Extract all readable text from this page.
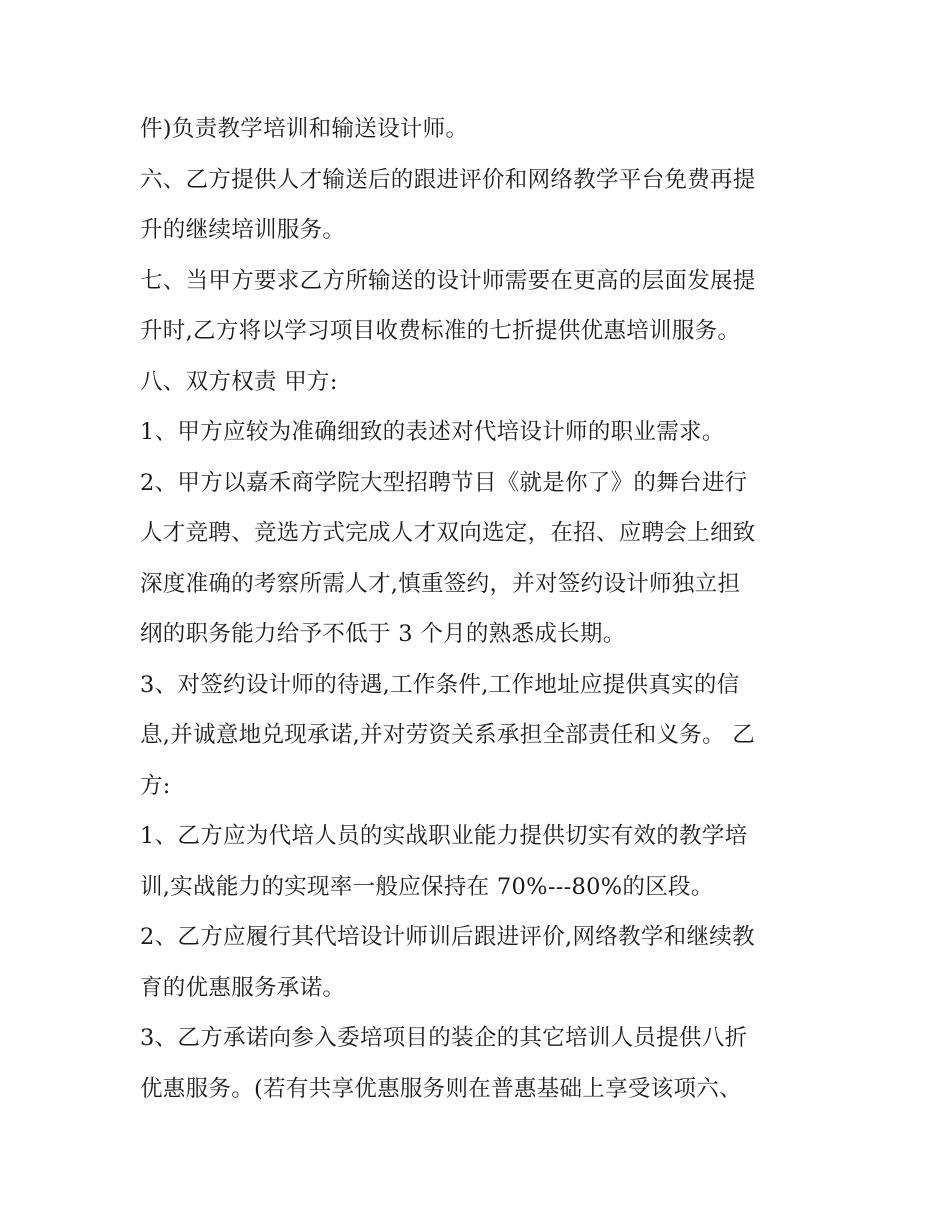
件)负责教学培训和输送设计师。
六、乙方提供人才输送后的跟进评价和网络教学平台免费再提
升的继续培训服务。
七、当甲方要求乙方所输送的设计师需要在更高的层面发展提
升时,乙方将以学习项目收费标准的七折提供优惠培训服务。
八、双方权责 甲方:
1、甲方应较为准确细致的表述对代培设计师的职业需求。
2、甲方以嘉禾商学院大型招聘节目《就是你了》的舞台进行
人才竞聘、竞选方式完成人才双向选定，在招、应聘会上细致
深度准确的考察所需人才,慎重签约，并对签约设计师独立担
纲的职务能力给予不低于 3 个月的熟悉成长期。
3、对签约设计师的待遇,工作条件,工作地址应提供真实的信
息,并诚意地兑现承诺,并对劳资关系承担全部责任和义务。 乙
方:
1、乙方应为代培人员的实战职业能力提供切实有效的教学培
训,实战能力的实现率一般应保持在 70%---80%的区段。
2、乙方应履行其代培设计师训后跟进评价,网络教学和继续教
育的优惠服务承诺。
3、乙方承诺向参入委培项目的装企的其它培训人员提供八折
优惠服务。(若有共享优惠服务则在普惠基础上享受该项六、
